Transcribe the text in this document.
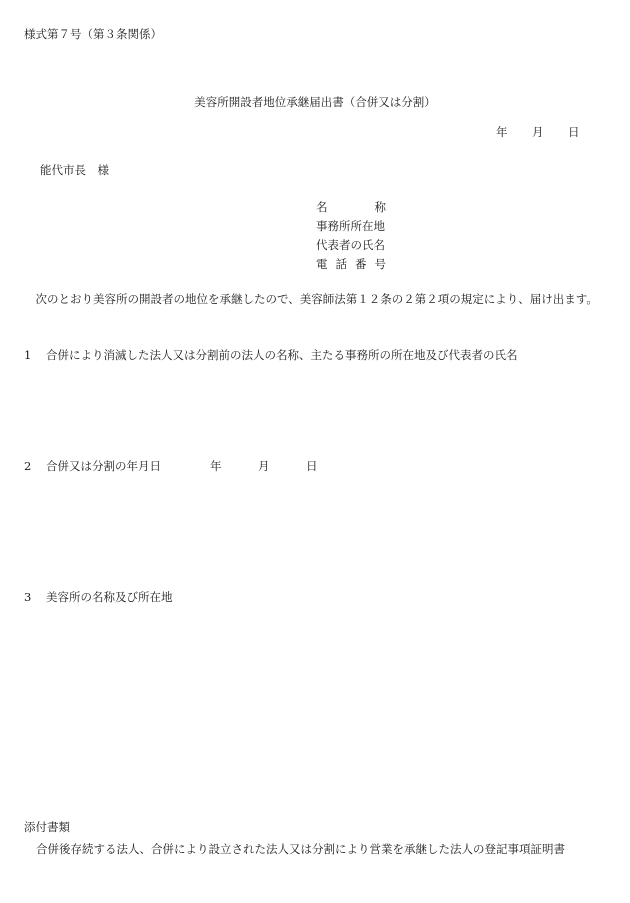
様式第７号（第３条関係）
美容所開設者地位承継届出書（合併又は分割）
年 月 日
能代市長　様
名	称
事務所所在地
代表者の氏名
電 話 番 号
次のとおり美容所の開設者の地位を承継したので、美容師法第１２条の２第２項の規定により、届け出ます。
1 合併により消滅した法人又は分割前の法人の名称、主たる事務所の所在地及び代表者の氏名
2 合併又は分割の年月日	年	月	日
3 美容所の名称及び所在地
添付書類
合併後存続する法人、合併により設立された法人又は分割により営業を承継した法人の登記事項証明書
